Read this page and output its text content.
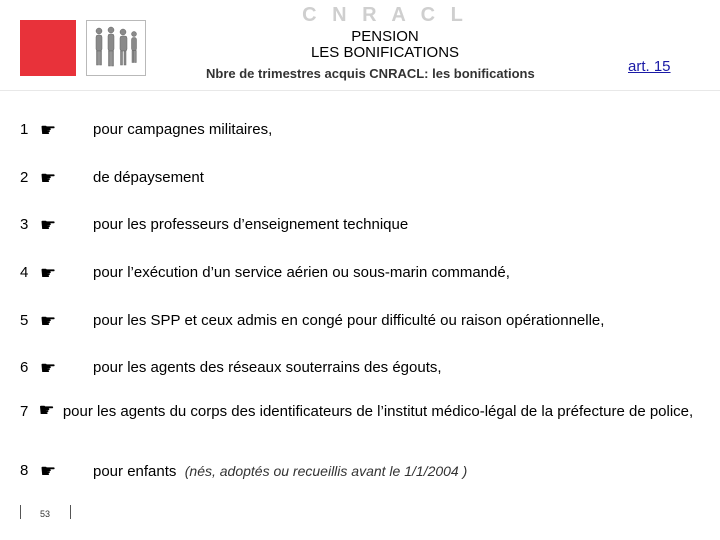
C N R A C L
PENSION
LES BONIFICATIONS
Nbre de trimestres acquis CNRACL: les bonifications	art. 15
1 ☛ pour campagnes militaires,
2 ☛ de dépaysement
3 ☛ pour les professeurs d’enseignement technique
4 ☛ pour l’exécution d’un service aérien ou sous-marin commandé,
5 ☛ pour les SPP et ceux admis en congé pour difficulté ou raison opérationnelle,
6 ☛ pour les agents des réseaux souterrains des égouts,
7 ☛ pour les agents du corps des identificateurs de l’institut médico-légal de la préfecture de police,
8 ☛ pour enfants (nés, adoptés ou recueillis avant le 1/1/2004 )
53
